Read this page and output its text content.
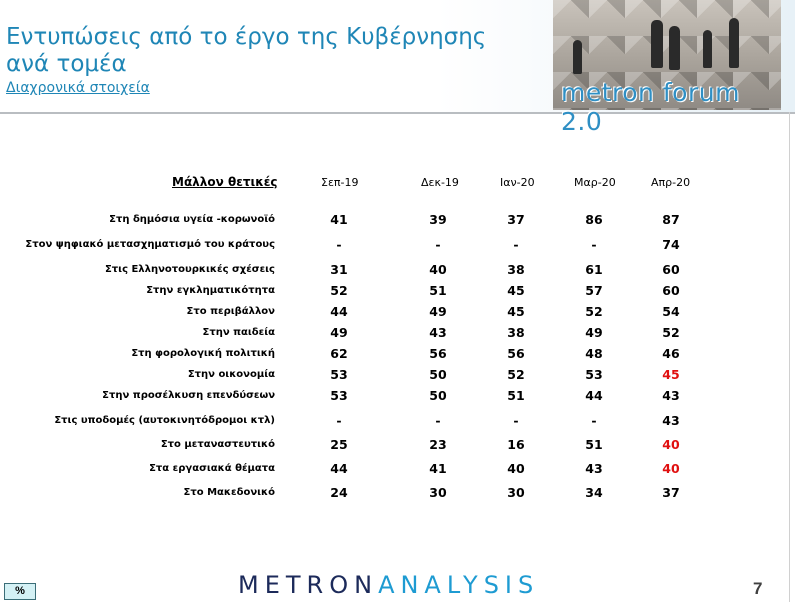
Εντυπώσεις από το έργο της Κυβέρνησης ανά τομέα
Διαχρονικά στοιχεία	metron forum 2.0
Μάλλον θετικές	Σεπ-19	Δεκ-19	Ιαν-20	Μαρ-20	Απρ-20
Στη δημόσια υγεία -κορωνοϊό	41	39	37	86	87
Στον ψηφιακό μετασχηματισμό του κράτους	-	-	-	-	74
Στις Ελληνοτουρκικές σχέσεις	31	40	38	61	60
Στην εγκληματικότητα	52	51	45	57	60
Στο περιβάλλον	44	49	45	52	54
Στην παιδεία	49	43	38	49	52
Στη φορολογική πολιτική	62	56	56	48	46
Στην οικονομία	53	50	52	53	45
Στην προσέλκυση επενδύσεων	53	50	51	44	43
Στις υποδομές (αυτοκινητόδρομοι κτλ)	-	-	-	-	43
Στο μεταναστευτικό	25	23	16	51	40
Στα εργασιακά θέματα	44	41	40	43	40
Στο Μακεδονικό	24	30	30	34	37
%	METRONANALYSIS	7
